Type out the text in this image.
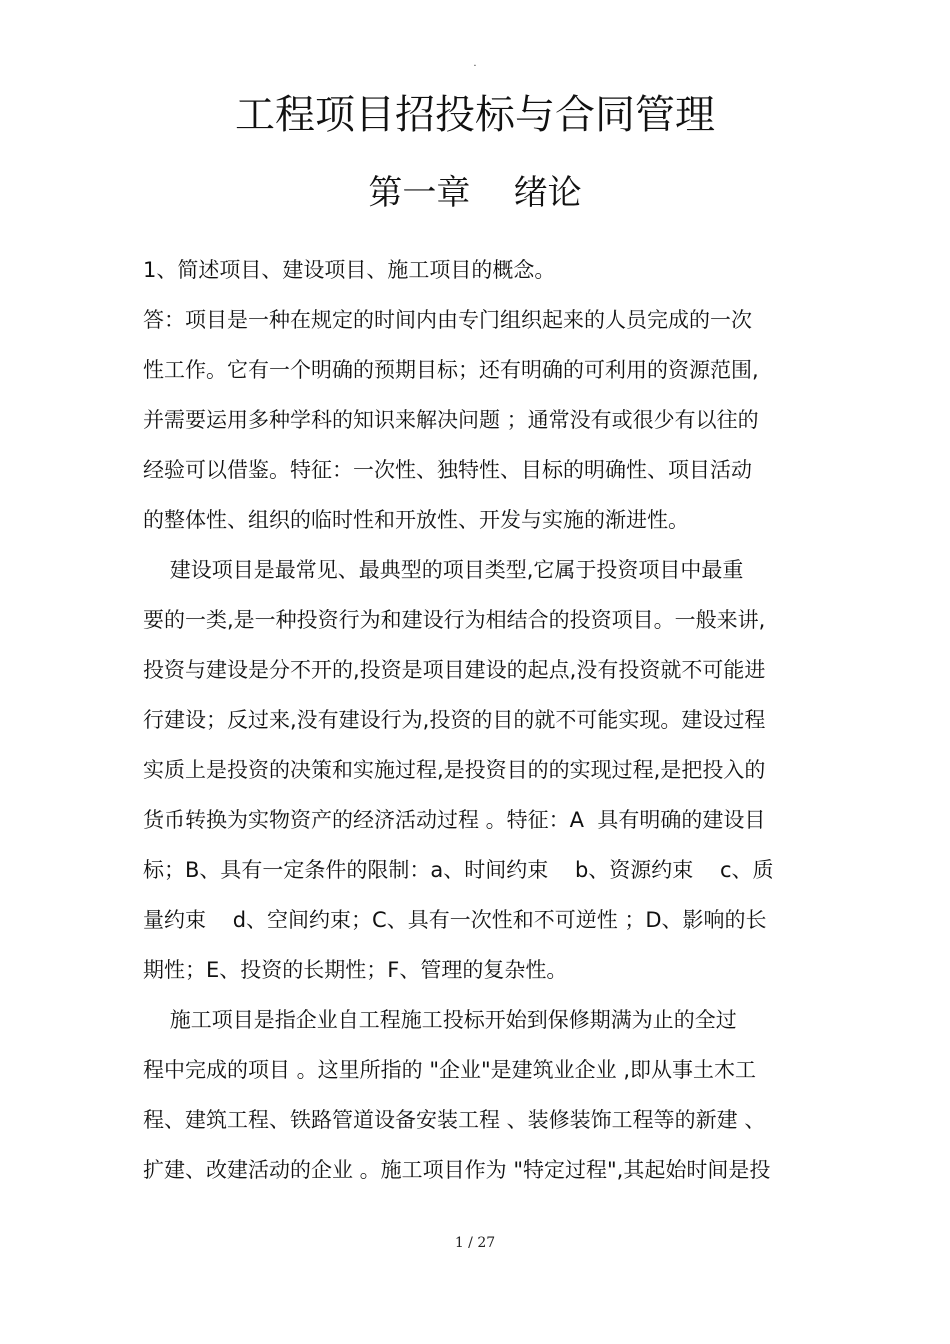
.
工程项目招投标与合同管理
第一章    绪论
1、简述项目、建设项目、施工项目的概念。
答：项目是一种在规定的时间内由专门组织起来的人员完成的一次
性工作。它有一个明确的预期目标；还有明确的可利用的资源范围,
并需要运用多种学科的知识来解决问题 ；通常没有或很少有以往的
经验可以借鉴。特征：一次性、独特性、目标的明确性、项目活动
的整体性、组织的临时性和开放性、开发与实施的渐进性。
建设项目是最常见、最典型的项目类型,它属于投资项目中最重
要的一类,是一种投资行为和建设行为相结合的投资项目。一般来讲,
投资与建设是分不开的,投资是项目建设的起点,没有投资就不可能进
行建设；反过来,没有建设行为,投资的目的就不可能实现。建设过程
实质上是投资的决策和实施过程,是投资目的的实现过程,是把投入的
货币转换为实物资产的经济活动过程 。特征：A  具有明确的建设目
标；B、具有一定条件的限制：a、时间约束    b、资源约束    c、质
量约束    d、空间约束；C、具有一次性和不可逆性 ；D、影响的长
期性；E、投资的长期性；F、管理的复杂性。
施工项目是指企业自工程施工投标开始到保修期满为止的全过
程中完成的项目 。这里所指的 "企业"是建筑业企业 ,即从事土木工
程、建筑工程、铁路管道设备安装工程 、装修装饰工程等的新建 、
扩建、改建活动的企业 。施工项目作为 "特定过程",其起始时间是投
1 / 27
